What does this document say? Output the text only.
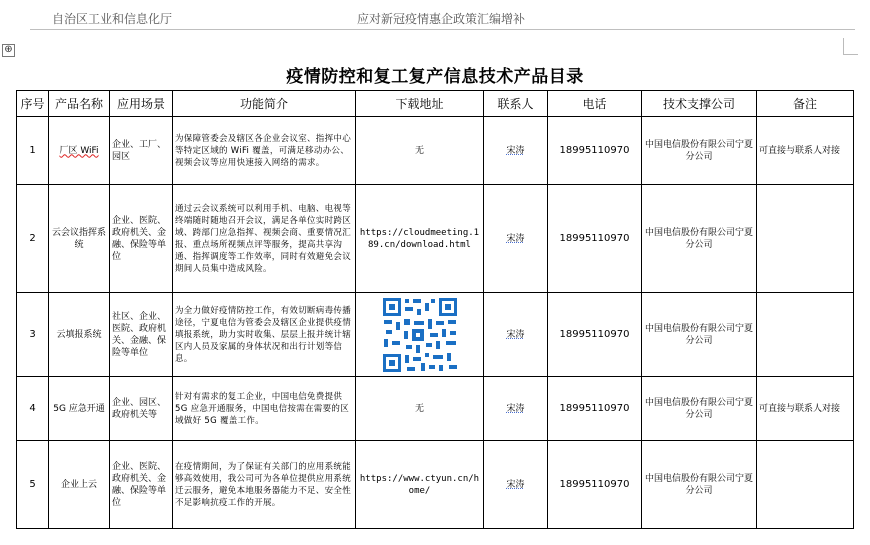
自治区工业和信息化厅	应对新冠疫情惠企政策汇编增补
⊕
疫情防控和复工复产信息技术产品目录
序号	产品名称	应用场景	功能简介	下载地址	联系人	电话	技术支撑公司	备注
1	厂区 WiFi	企业、工厂、园区	为保障管委会及辖区各企业会议室、指挥中心等特定区域的 WiFi 覆盖，可满足移动办公、视频会议等应用快速接入网络的需求。	无	宋涛	18995110970	中国电信股份有限公司宁夏分公司	可直接与联系人对接
2	云会议指挥系统	企业、医院、政府机关、金融、保险等单位	通过云会议系统可以利用手机、电脑、电视等终端随时随地召开会议，满足各单位实时跨区域、跨部门应急指挥、视频会商、重要情况汇报、重点场所视频点评等服务，提高共享沟通、指挥调度等工作效率，同时有效避免会议期间人员集中造成风险。	https://cloudmeeting.189.cn/download.html	宋涛	18995110970	中国电信股份有限公司宁夏分公司	
3	云填报系统	社区、企业、医院、政府机关、金融、保险等单位	为全力做好疫情防控工作，有效切断病毒传播途径，宁夏电信为管委会及辖区企业提供疫情填报系统，助力实时收集、层层上报并统计辖区内人员及家属的身体状况和出行计划等信息。		宋涛	18995110970	中国电信股份有限公司宁夏分公司	
4	5G 应急开通	企业、园区、政府机关等	针对有需求的复工企业，中国电信免费提供 5G 应急开通服务，中国电信按需在需要的区域做好 5G 覆盖工作。	无	宋涛	18995110970	中国电信股份有限公司宁夏分公司	可直接与联系人对接
5	企业上云	企业、医院、政府机关、金融、保险等单位	在疫情期间，为了保证有关部门的应用系统能够高效使用，我公司可为各单位提供应用系统迁云服务，避免本地服务器能力不足、安全性不足影响抗疫工作的开展。	https://www.ctyun.cn/home/	宋涛	18995110970	中国电信股份有限公司宁夏分公司	
